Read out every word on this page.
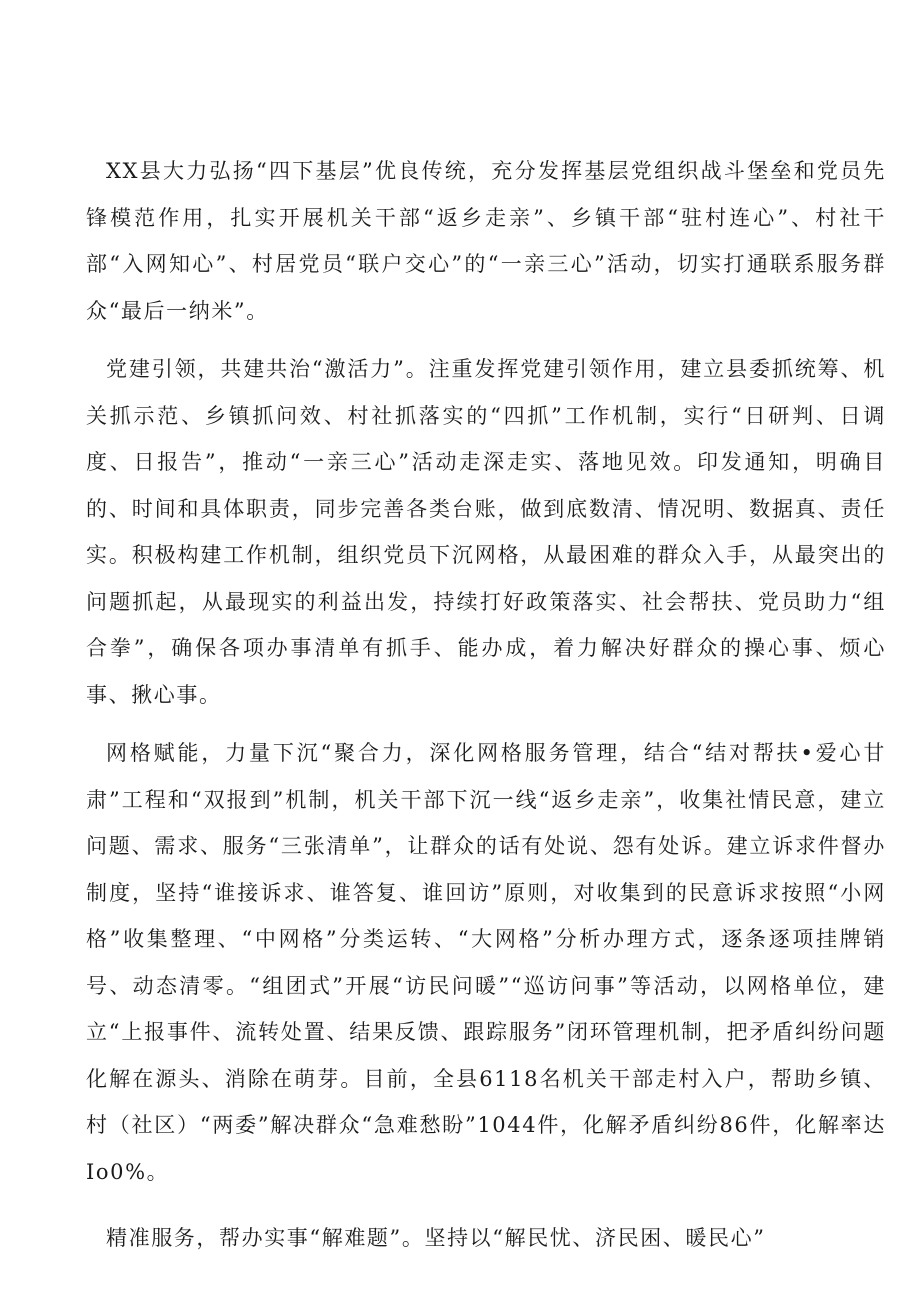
XX县大力弘扬“四下基层”优良传统，充分发挥基层党组织战斗堡垒和党员先锋模范作用，扎实开展机关干部“返乡走亲”、乡镇干部“驻村连心”、村社干部“入网知心”、村居党员“联户交心”的“一亲三心”活动，切实打通联系服务群众“最后一纳米”。

党建引领，共建共治“激活力”。注重发挥党建引领作用，建立县委抓统筹、机关抓示范、乡镇抓问效、村社抓落实的“四抓”工作机制，实行“日研判、日调度、日报告”，推动“一亲三心”活动走深走实、落地见效。印发通知，明确目的、时间和具体职责，同步完善各类台账，做到底数清、情况明、数据真、责任实。积极构建工作机制，组织党员下沉网格，从最困难的群众入手，从最突出的问题抓起，从最现实的利益出发，持续打好政策落实、社会帮扶、党员助力“组合拳”，确保各项办事清单有抓手、能办成，着力解决好群众的操心事、烦心事、揪心事。

网格赋能，力量下沉“聚合力，深化网格服务管理，结合“结对帮扶•爱心甘肃”工程和“双报到”机制，机关干部下沉一线“返乡走亲”，收集社情民意，建立问题、需求、服务“三张清单”，让群众的话有处说、怨有处诉。建立诉求件督办制度，坚持“谁接诉求、谁答复、谁回访”原则，对收集到的民意诉求按照“小网格”收集整理、“中网格”分类运转、“大网格”分析办理方式，逐条逐项挂牌销号、动态清零。“组团式”开展“访民问暖”“巡访问事”等活动，以网格单位，建立“上报事件、流转处置、结果反馈、跟踪服务”闭环管理机制，把矛盾纠纷问题化解在源头、消除在萌芽。目前，全县6118名机关干部走村入户，帮助乡镇、村（社区）“两委”解决群众“急难愁盼”1044件，化解矛盾纠纷86件，化解率达Io0%。

精准服务，帮办实事“解难题”。坚持以“解民忧、济民困、暖民心”
